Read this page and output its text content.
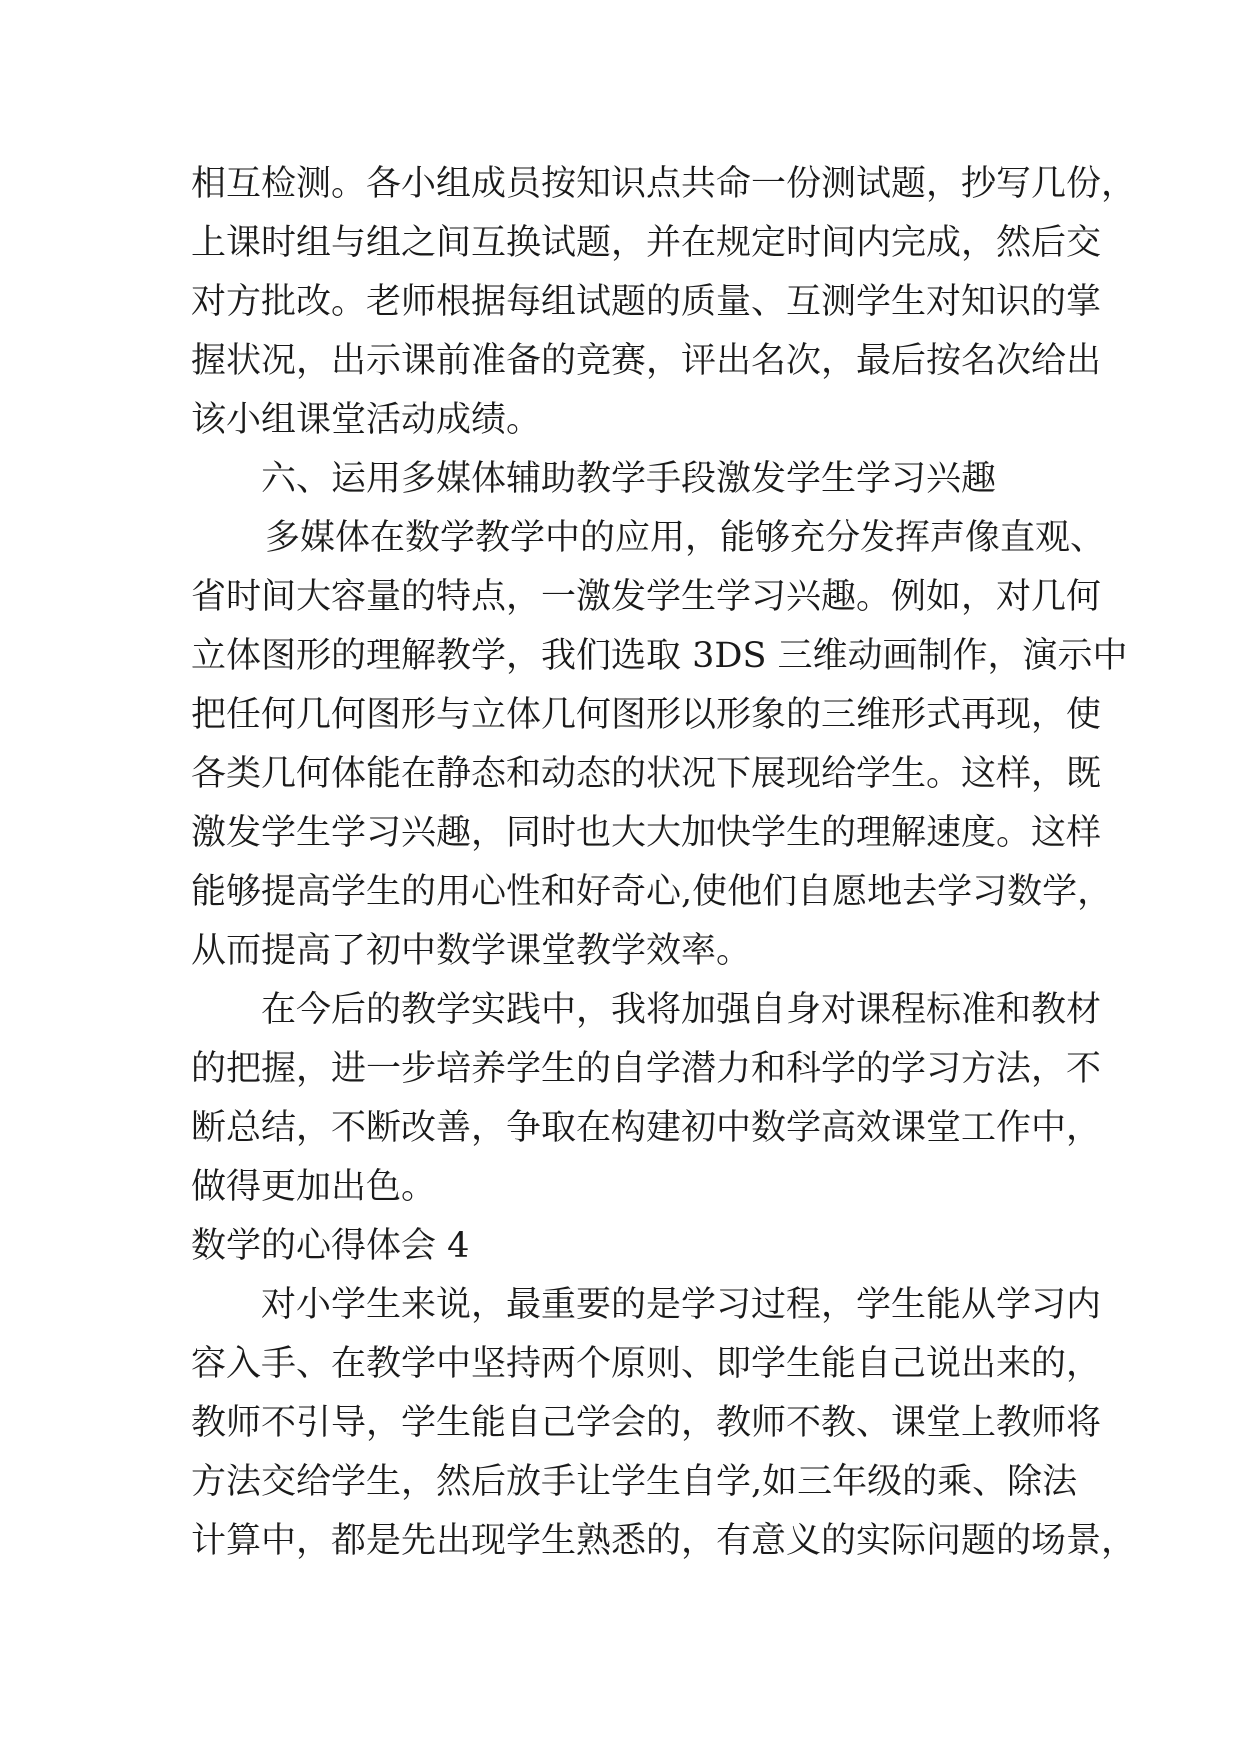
相互检测。各小组成员按知识点共命一份测试题，抄写几份，
上课时组与组之间互换试题，并在规定时间内完成，然后交
对方批改。老师根据每组试题的质量、互测学生对知识的掌
握状况，出示课前准备的竞赛，评出名次，最后按名次给出
该小组课堂活动成绩。
六、运用多媒体辅助教学手段激发学生学习兴趣
多媒体在数学教学中的应用，能够充分发挥声像直观、
省时间大容量的特点，一激发学生学习兴趣。例如，对几何
立体图形的理解教学，我们选取 3DS 三维动画制作，演示中
把任何几何图形与立体几何图形以形象的三维形式再现，使
各类几何体能在静态和动态的状况下展现给学生。这样，既
激发学生学习兴趣，同时也大大加快学生的理解速度。这样
能够提高学生的用心性和好奇心,使他们自愿地去学习数学，
从而提高了初中数学课堂教学效率。
在今后的教学实践中，我将加强自身对课程标准和教材
的把握，进一步培养学生的自学潜力和科学的学习方法，不
断总结，不断改善，争取在构建初中数学高效课堂工作中，
做得更加出色。
数学的心得体会 4
对小学生来说，最重要的是学习过程，学生能从学习内
容入手、在教学中坚持两个原则、即学生能自己说出来的，
教师不引导，学生能自己学会的，教师不教、课堂上教师将
方法交给学生，然后放手让学生自学,如三年级的乘、除法
计算中，都是先出现学生熟悉的，有意义的实际问题的场景，
